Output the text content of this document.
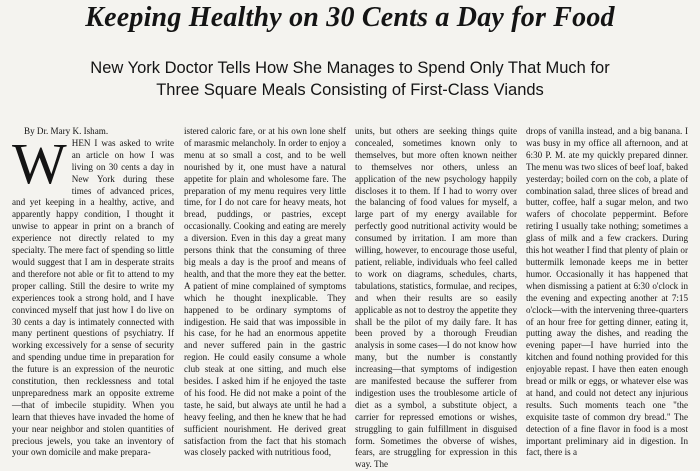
Keeping Healthy on 30 Cents a Day for Food
New York Doctor Tells How She Manages to Spend Only That Much for Three Square Meals Consisting of First-Class Viands
By Dr. Mary K. Isham.

WHEN I was asked to write an article on how I was living on 30 cents a day in New York during these times of advanced prices, and yet keeping in a healthy, active, and apparently happy condition, I thought it unwise to appear in print on a branch of experience not directly related to my specialty. The mere fact of spending so little would suggest that I am in desperate straits and therefore not able or fit to attend to my proper calling. Still the desire to write my experiences took a strong hold, and I have convinced myself that just how I do live on 30 cents a day is intimately connected with many pertinent questions of psychiatry. If working excessively for a sense of security and spending undue time in preparation for the future is an expression of the neurotic constitution, then recklessness and total unpreparedness mark an opposite extreme—that of imbecile stupidity. When you learn that thieves have invaded the home of your near neighbor and stolen quantities of precious jewels, you take an inventory of your own domicile and make prepara-

istered caloric fare, or at his own lone shelf of marasmic melancholy. In order to enjoy a menu at so small a cost, and to be well nourished by it, one must have a natural appetite for plain and wholesome fare. The preparation of my menu requires very little time, for I do not care for heavy meats, hot bread, puddings, or pastries, except occasionally. Cooking and eating are merely a diversion. Even in this day a great many persons think that the consuming of three big meals a day is the proof and means of health, and that the more they eat the better. A patient of mine complained of symptoms which he thought inexplicable. They happened to be ordinary symptoms of indigestion. He said that was impossible in his case, for he had an enormous appetite and never suffered pain in the gastric region. He could easily consume a whole club steak at one sitting, and much else besides. I asked him if he enjoyed the taste of his food. He did not make a point of the taste, he said, but always ate until he had a heavy feeling, and then he knew that he had sufficient nourishment. He derived great satisfaction from the fact that his stomach was closely packed with nutritious food,

units, but others are seeking things quite concealed, sometimes known only to themselves, but more often known neither to themselves nor others, unless an application of the new psychology happily discloses it to them. If I had to worry over the balancing of food values for myself, a large part of my energy available for perfectly good nutritional activity would be consumed by irritation. I am more than willing, however, to encourage those useful, patient, reliable, individuals who feel called to work on diagrams, schedules, charts, tabulations, statistics, formulae, and recipes, and when their results are so easily applicable as not to destroy the appetite they shall be the pilot of my daily fare. It has been proved by a thorough Freudian analysis in some cases—I do not know how many, but the number is constantly increasing—that symptoms of indigestion are manifested because the sufferer from indigestion uses the troublesome article of diet as a symbol, a substitute object, a carrier for repressed emotions or wishes, struggling to gain fulfillment in disguised form. Sometimes the obverse of wishes, fears, are struggling for expression in this way. The

drops of vanilla instead, and a big banana. I was busy in my office all afternoon, and at 6:30 P. M. ate my quickly prepared dinner. The menu was two slices of beef loaf, baked yesterday; boiled corn on the cob, a plate of combination salad, three slices of bread and butter, coffee, half a sugar melon, and two wafers of chocolate peppermint. Before retiring I usually take nothing; sometimes a glass of milk and a few crackers. During this hot weather I find that plenty of plain or buttermilk lemonade keeps me in better humor. Occasionally it has happened that when dismissing a patient at 6:30 o'clock in the evening and expecting another at 7:15 o'clock—with the intervening three-quarters of an hour free for getting dinner, eating it, putting away the dishes, and reading the evening paper—I have hurried into the kitchen and found nothing provided for this enjoyable repast. I have then eaten enough bread or milk or eggs, or whatever else was at hand, and could not detect any injurious results. Such moments teach one "the exquisite taste of common dry bread." The detection of a fine flavor in food is a most important preliminary aid in digestion. In fact, there is a
